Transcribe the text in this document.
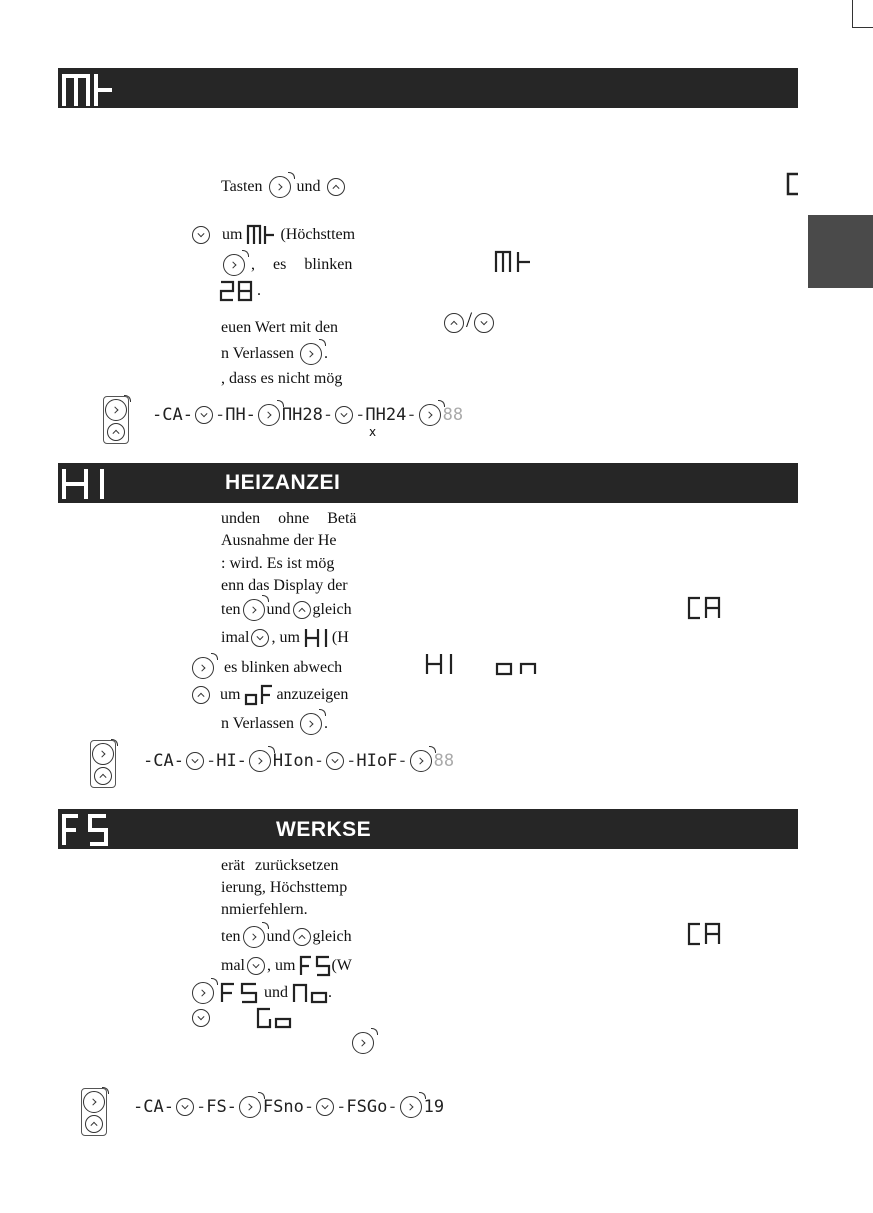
Tasten und
um (Höchsttem
, es blinken
.
euen Wert mit den	/
n Verlassen .
, dass es nicht mög
-CA- -ΠΗ- ΠΗ28- -ΠΗ24- 88
x
HEIZANZEI
unden ohne Betä
Ausnahme der He
: wird. Es ist mög
enn das Display der
ten und gleich
imal , um (H
es blinken abwech
um anzuzeigen
n Verlassen .
-CA- -HI- HIon- -HIoF- 88
WERKSE
erät zurücksetzen
ierung, Höchsttemp
nmierfehlern.
ten und gleich
mal , um (W
und	.

-CA- -FS- FSno- -FSGo- 19
